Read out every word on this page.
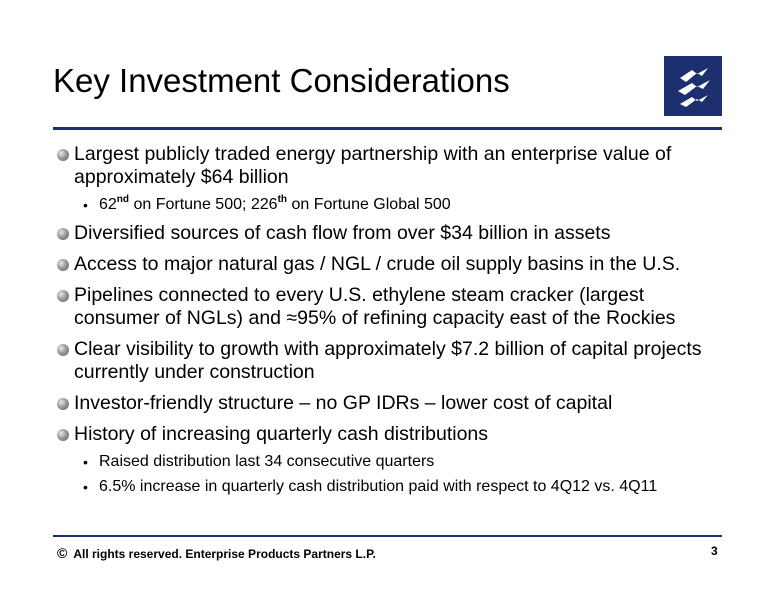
Key Investment Considerations
Largest publicly traded energy partnership with an enterprise value of approximately $64 billion
• 62nd on Fortune 500; 226th on Fortune Global 500
Diversified sources of cash flow from over $34 billion in assets
Access to major natural gas / NGL / crude oil supply basins in the U.S.
Pipelines connected to every U.S. ethylene steam cracker (largest consumer of NGLs) and ≈95% of refining capacity east of the Rockies
Clear visibility to growth with approximately $7.2 billion of capital projects currently under construction
Investor-friendly structure – no GP IDRs – lower cost of capital
History of increasing quarterly cash distributions
• Raised distribution last 34 consecutive quarters
• 6.5% increase in quarterly cash distribution paid with respect to 4Q12 vs. 4Q11
© All rights reserved. Enterprise Products Partners L.P.	3
